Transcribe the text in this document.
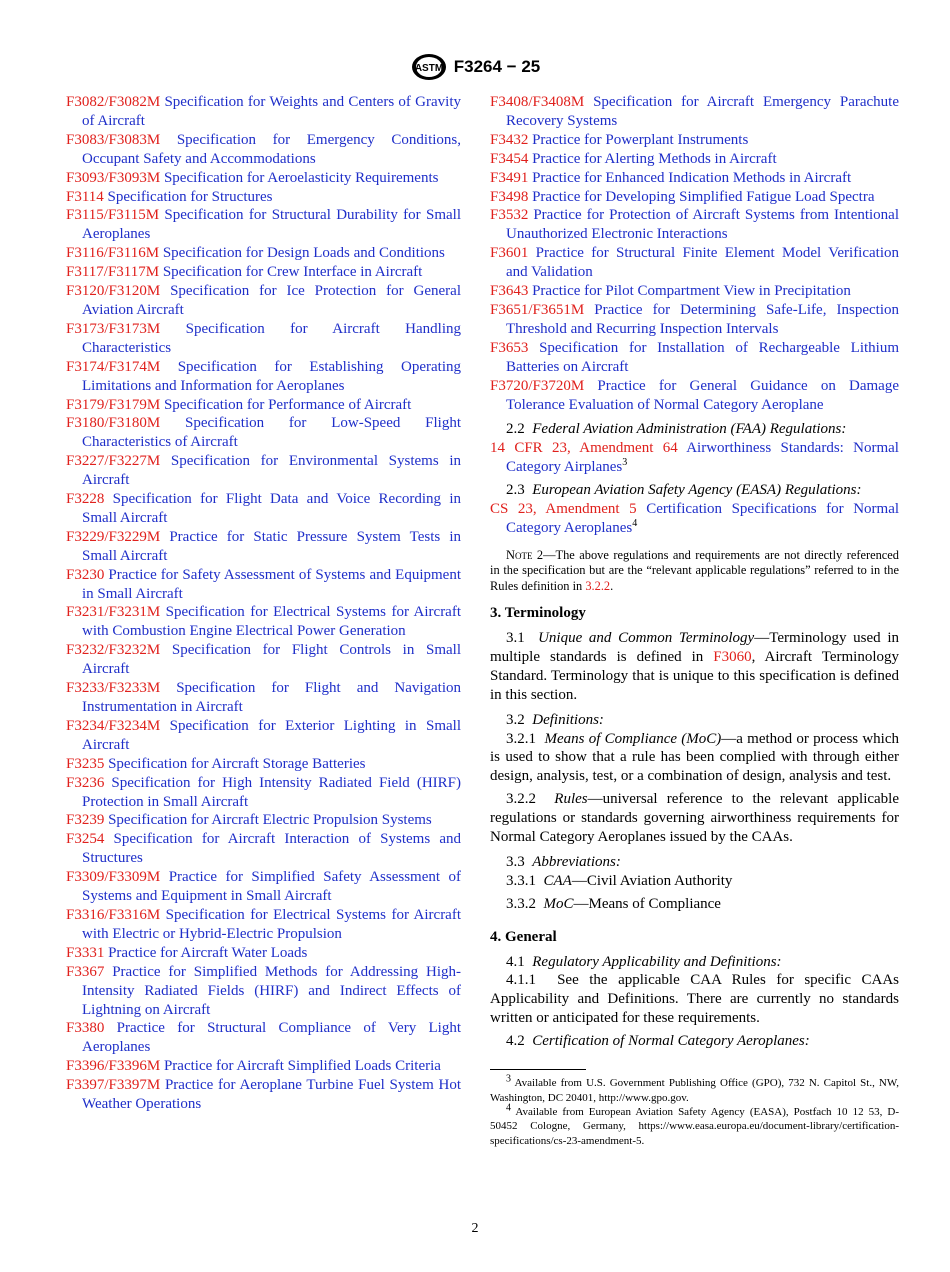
ASTM F3264 − 25
F3082/F3082M Specification for Weights and Centers of Gravity of Aircraft
F3083/F3083M Specification for Emergency Conditions, Occupant Safety and Accommodations
F3093/F3093M Specification for Aeroelasticity Requirements
F3114 Specification for Structures
F3115/F3115M Specification for Structural Durability for Small Aeroplanes
F3116/F3116M Specification for Design Loads and Conditions
F3117/F3117M Specification for Crew Interface in Aircraft
F3120/F3120M Specification for Ice Protection for General Aviation Aircraft
F3173/F3173M Specification for Aircraft Handling Characteristics
F3174/F3174M Specification for Establishing Operating Limitations and Information for Aeroplanes
F3179/F3179M Specification for Performance of Aircraft
F3180/F3180M Specification for Low-Speed Flight Characteristics of Aircraft
F3227/F3227M Specification for Environmental Systems in Aircraft
F3228 Specification for Flight Data and Voice Recording in Small Aircraft
F3229/F3229M Practice for Static Pressure System Tests in Small Aircraft
F3230 Practice for Safety Assessment of Systems and Equipment in Small Aircraft
F3231/F3231M Specification for Electrical Systems for Aircraft with Combustion Engine Electrical Power Generation
F3232/F3232M Specification for Flight Controls in Small Aircraft
F3233/F3233M Specification for Flight and Navigation Instrumentation in Aircraft
F3234/F3234M Specification for Exterior Lighting in Small Aircraft
F3235 Specification for Aircraft Storage Batteries
F3236 Specification for High Intensity Radiated Field (HIRF) Protection in Small Aircraft
F3239 Specification for Aircraft Electric Propulsion Systems
F3254 Specification for Aircraft Interaction of Systems and Structures
F3309/F3309M Practice for Simplified Safety Assessment of Systems and Equipment in Small Aircraft
F3316/F3316M Specification for Electrical Systems for Aircraft with Electric or Hybrid-Electric Propulsion
F3331 Practice for Aircraft Water Loads
F3367 Practice for Simplified Methods for Addressing High-Intensity Radiated Fields (HIRF) and Indirect Effects of Lightning on Aircraft
F3380 Practice for Structural Compliance of Very Light Aeroplanes
F3396/F3396M Practice for Aircraft Simplified Loads Criteria
F3397/F3397M Practice for Aeroplane Turbine Fuel System Hot Weather Operations
F3408/F3408M Specification for Aircraft Emergency Parachute Recovery Systems
F3432 Practice for Powerplant Instruments
F3454 Practice for Alerting Methods in Aircraft
F3491 Practice for Enhanced Indication Methods in Aircraft
F3498 Practice for Developing Simplified Fatigue Load Spectra
F3532 Practice for Protection of Aircraft Systems from Intentional Unauthorized Electronic Interactions
F3601 Practice for Structural Finite Element Model Verification and Validation
F3643 Practice for Pilot Compartment View in Precipitation
F3651/F3651M Practice for Determining Safe-Life, Inspection Threshold and Recurring Inspection Intervals
F3653 Specification for Installation of Rechargeable Lithium Batteries on Aircraft
F3720/F3720M Practice for General Guidance on Damage Tolerance Evaluation of Normal Category Aeroplane
2.2 Federal Aviation Administration (FAA) Regulations:
14 CFR 23, Amendment 64 Airworthiness Standards: Normal Category Airplanes$^3$
2.3 European Aviation Safety Agency (EASA) Regulations:
CS 23, Amendment 5 Certification Specifications for Normal Category Aeroplanes$^4$
Note 2—The above regulations and requirements are not directly referenced in the specification but are the “relevant applicable regulations” referred to in the Rules definition in 3.2.2.
3. Terminology
3.1 Unique and Common Terminology—Terminology used in multiple standards is defined in F3060, Aircraft Terminology Standard. Terminology that is unique to this specification is defined in this section.
3.2 Definitions:
3.2.1 Means of Compliance (MoC)—a method or process which is used to show that a rule has been complied with through either design, analysis, test, or a combination of design, analysis and test.
3.2.2 Rules—universal reference to the relevant applicable regulations or standards governing airworthiness requirements for Normal Category Aeroplanes issued by the CAAs.
3.3 Abbreviations:
3.3.1 CAA—Civil Aviation Authority
3.3.2 MoC—Means of Compliance
4. General
4.1 Regulatory Applicability and Definitions:
4.1.1 See the applicable CAA Rules for specific CAAs Applicability and Definitions. There are currently no standards written or anticipated for these requirements.
4.2 Certification of Normal Category Aeroplanes:
$^3$ Available from U.S. Government Publishing Office (GPO), 732 N. Capitol St., NW, Washington, DC 20401, http://www.gpo.gov.
$^4$ Available from European Aviation Safety Agency (EASA), Postfach 10 12 53, D-50452 Cologne, Germany, https://www.easa.europa.eu/document-library/certification-specifications/cs-23-amendment-5.
2
